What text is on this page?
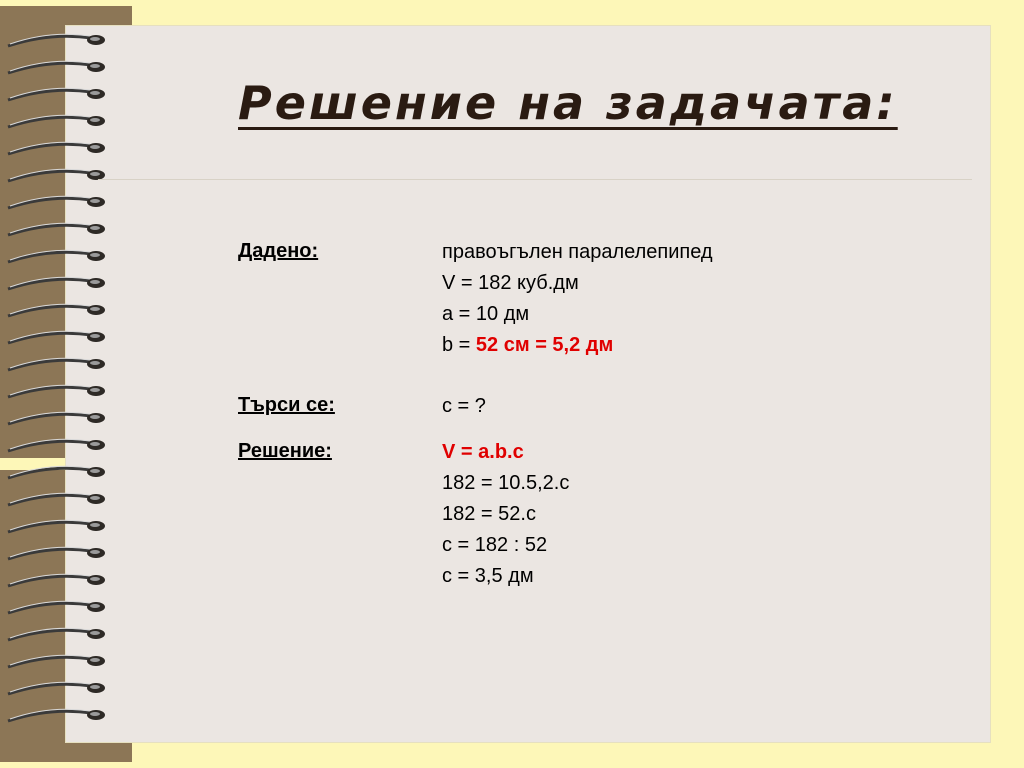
Решение на задачата:
Дадено:	правоъгълен паралелепипед
V = 182 куб.дм
a = 10 дм
b = 52 см = 5,2 дм
Търси се:	c = ?
Решение:	V = a.b.c
182 = 10.5,2.c
182 = 52.c
c = 182 : 52
c = 3,5 дм
